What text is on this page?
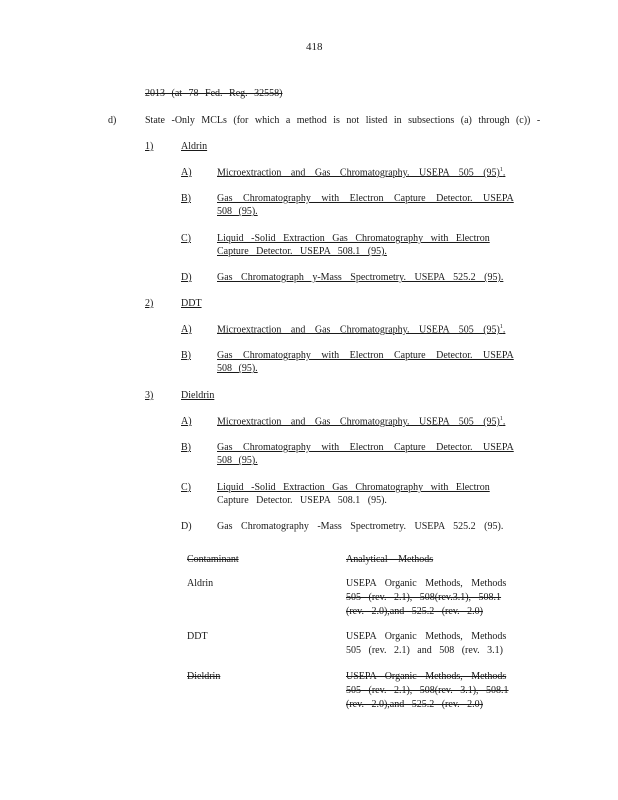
418
2013 (at 78 Fed. Reg. 32558)
d)	State -Only MCLs (for which a method is not listed in subsections (a) through (c)) -
1)	Aldrin
A)	Microextraction and Gas Chromatography. USEPA 505 $(95)^1$.
B)	Gas Chromatography with Electron Capture Detector. USEPA
508 (95).
C)	Liquid -Solid Extraction Gas Chromatography with Electron
Capture Detector. USEPA 508.1 (95).
D)	Gas Chromatograph y-Mass Spectrometry. USEPA 525.2 (95).
2)	DDT
A)	Microextraction and Gas Chromatography. USEPA 505 $(95)^1$.
B)	Gas Chromatography with Electron Capture Detector. USEPA
508 (95).
3)	Dieldrin
A)	Microextraction and Gas Chromatography. USEPA 505 $(95)^1$.
B)	Gas Chromatography with Electron Capture Detector. USEPA
508 (95).
C)	Liquid -Solid Extraction Gas Chromatography with Electron
Capture Detector. USEPA 508.1 (95).
D)	Gas Chromatography -Mass Spectrometry. USEPA 525.2 (95).
Contaminant	Analytical Methods
Aldrin	USEPA Organic Methods, Methods
505 (rev. 2.1), 508(rev.3.1), 508.1
(rev. 2.0),and 525.2 (rev. 2.0)
DDT	USEPA Organic Methods, Methods
505 (rev. 2.1) and 508 (rev. 3.1)
Dieldrin	USEPA Organic Methods, Methods
505 (rev. 2.1), 508(rev. 3.1), 508.1
(rev. 2.0),and 525.2 (rev. 2.0)
